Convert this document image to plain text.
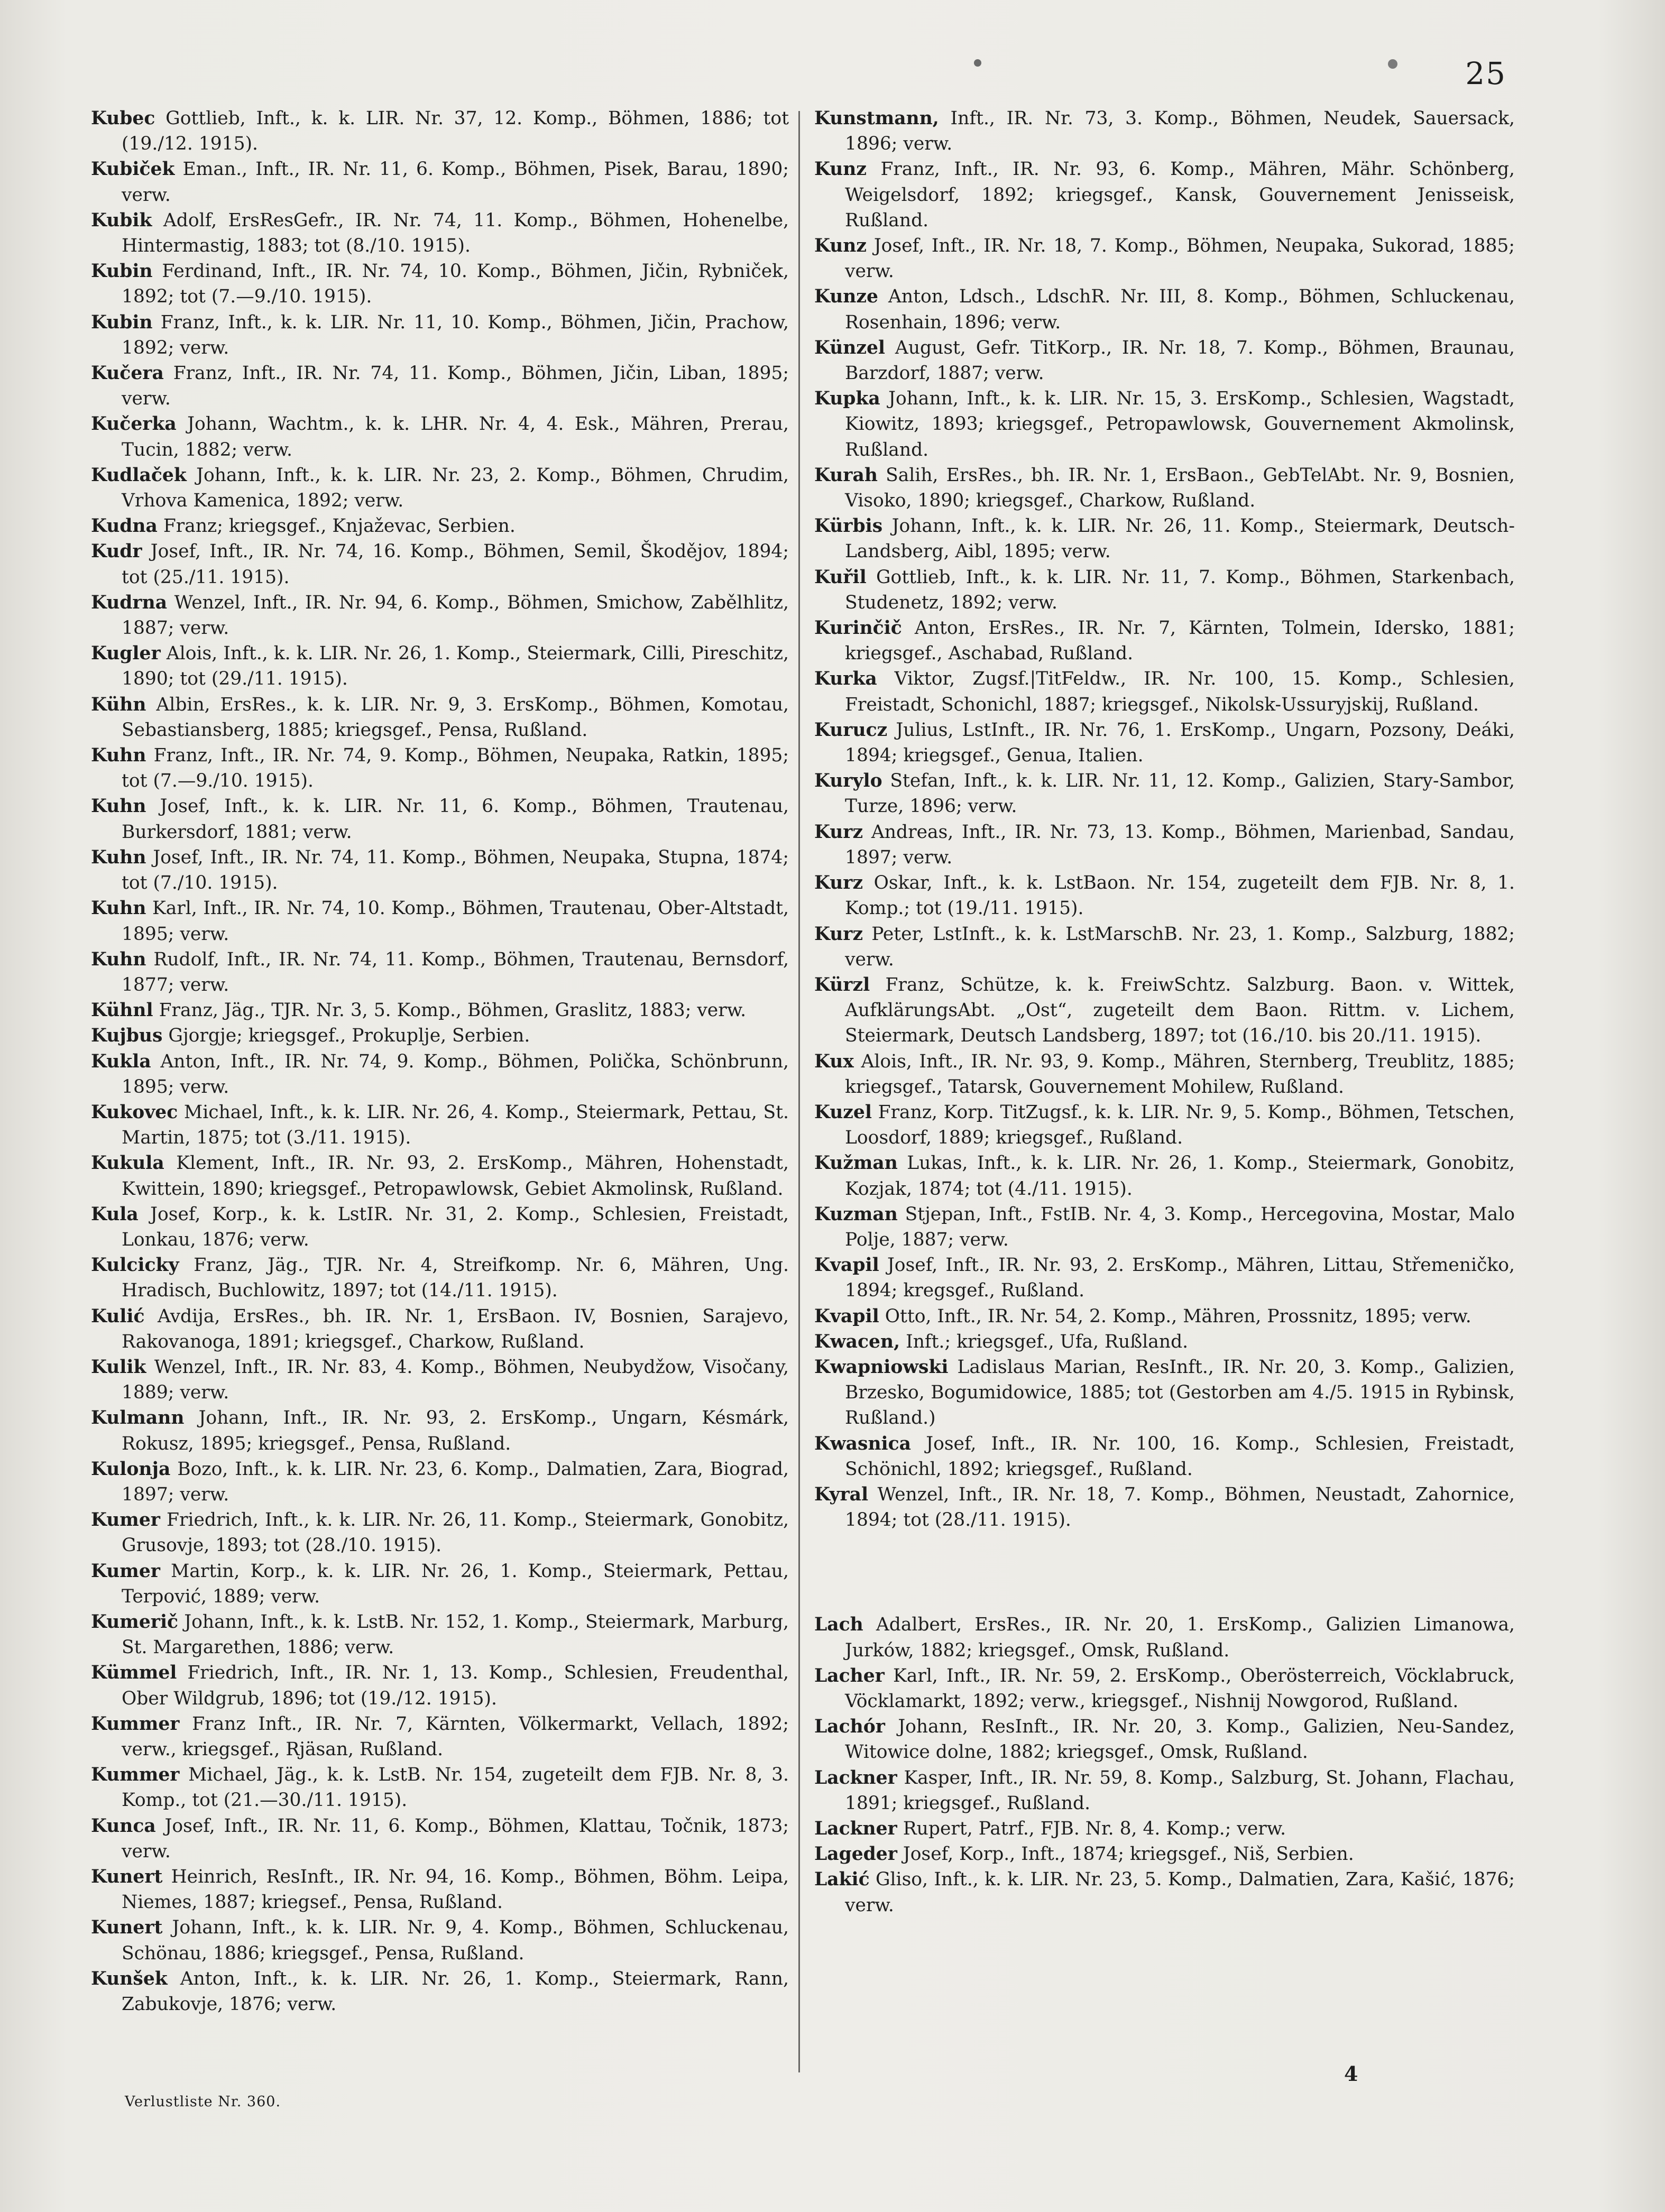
25

Kubec Gottlieb, Inft., k. k. LIR. Nr. 37, 12. Komp., Böhmen, 1886; tot (19./12. 1915).

Kubiček Eman., Inft., IR. Nr. 11, 6. Komp., Böhmen, Pisek, Barau, 1890; verw.

Kubik Adolf, ErsResGefr., IR. Nr. 74, 11. Komp., Böhmen, Hohenelbe, Hintermastig, 1883; tot (8./10. 1915).

Kubin Ferdinand, Inft., IR. Nr. 74, 10. Komp., Böhmen, Jičin, Rybniček, 1892; tot (7.—9./10. 1915).

Kubin Franz, Inft., k. k. LIR. Nr. 11, 10. Komp., Böhmen, Jičin, Prachow, 1892; verw.

Kučera Franz, Inft., IR. Nr. 74, 11. Komp., Böhmen, Jičin, Liban, 1895; verw.

Kučerka Johann, Wachtm., k. k. LHR. Nr. 4, 4. Esk., Mähren, Prerau, Tucin, 1882; verw.

Kudlaček Johann, Inft., k. k. LIR. Nr. 23, 2. Komp., Böhmen, Chrudim, Vrhova Kamenica, 1892; verw.

Kudna Franz; kriegsgef., Knjaževac, Serbien.

Kudr Josef, Inft., IR. Nr. 74, 16. Komp., Böhmen, Semil, Škodějov, 1894; tot (25./11. 1915).

Kudrna Wenzel, Inft., IR. Nr. 94, 6. Komp., Böhmen, Smichow, Zabělhlitz, 1887; verw.

Kugler Alois, Inft., k. k. LIR. Nr. 26, 1. Komp., Steiermark, Cilli, Pireschitz, 1890; tot (29./11. 1915).

Kühn Albin, ErsRes., k. k. LIR. Nr. 9, 3. ErsKomp., Böhmen, Komotau, Sebastiansberg, 1885; kriegsgef., Pensa, Rußland.

Kuhn Franz, Inft., IR. Nr. 74, 9. Komp., Böhmen, Neupaka, Ratkin, 1895; tot (7.—9./10. 1915).

Kuhn Josef, Inft., k. k. LIR. Nr. 11, 6. Komp., Böhmen, Trautenau, Burkersdorf, 1881; verw.

Kuhn Josef, Inft., IR. Nr. 74, 11. Komp., Böhmen, Neupaka, Stupna, 1874; tot (7./10. 1915).

Kuhn Karl, Inft., IR. Nr. 74, 10. Komp., Böhmen, Trautenau, Ober-Altstadt, 1895; verw.

Kuhn Rudolf, Inft., IR. Nr. 74, 11. Komp., Böhmen, Trautenau, Bernsdorf, 1877; verw.

Kühnl Franz, Jäg., TJR. Nr. 3, 5. Komp., Böhmen, Graslitz, 1883; verw.

Kujbus Gjorgje; kriegsgef., Prokuplje, Serbien.

Kukla Anton, Inft., IR. Nr. 74, 9. Komp., Böhmen, Polička, Schönbrunn, 1895; verw.

Kukovec Michael, Inft., k. k. LIR. Nr. 26, 4. Komp., Steiermark, Pettau, St. Martin, 1875; tot (3./11. 1915).

Kukula Klement, Inft., IR. Nr. 93, 2. ErsKomp., Mähren, Hohenstadt, Kwittein, 1890; kriegsgef., Petropawlowsk, Gebiet Akmolinsk, Rußland.

Kula Josef, Korp., k. k. LstIR. Nr. 31, 2. Komp., Schlesien, Freistadt, Lonkau, 1876; verw.

Kulcicky Franz, Jäg., TJR. Nr. 4, Streifkomp. Nr. 6, Mähren, Ung. Hradisch, Buchlowitz, 1897; tot (14./11. 1915).

Kulić Avdija, ErsRes., bh. IR. Nr. 1, ErsBaon. IV, Bosnien, Sarajevo, Rakovanoga, 1891; kriegsgef., Charkow, Rußland.

Kulik Wenzel, Inft., IR. Nr. 83, 4. Komp., Böhmen, Neubydžow, Visočany, 1889; verw.

Kulmann Johann, Inft., IR. Nr. 93, 2. ErsKomp., Ungarn, Késmárk, Rokusz, 1895; kriegsgef., Pensa, Rußland.

Kulonja Bozo, Inft., k. k. LIR. Nr. 23, 6. Komp., Dalmatien, Zara, Biograd, 1897; verw.

Kumer Friedrich, Inft., k. k. LIR. Nr. 26, 11. Komp., Steiermark, Gonobitz, Grusovje, 1893; tot (28./10. 1915).

Kumer Martin, Korp., k. k. LIR. Nr. 26, 1. Komp., Steiermark, Pettau, Terpović, 1889; verw.

Kumerič Johann, Inft., k. k. LstB. Nr. 152, 1. Komp., Steiermark, Marburg, St. Margarethen, 1886; verw.

Kümmel Friedrich, Inft., IR. Nr. 1, 13. Komp., Schlesien, Freudenthal, Ober Wildgrub, 1896; tot (19./12. 1915).

Kummer Franz Inft., IR. Nr. 7, Kärnten, Völkermarkt, Vellach, 1892; verw., kriegsgef., Rjäsan, Rußland.

Kummer Michael, Jäg., k. k. LstB. Nr. 154, zugeteilt dem FJB. Nr. 8, 3. Komp., tot (21.—30./11. 1915).

Kunca Josef, Inft., IR. Nr. 11, 6. Komp., Böhmen, Klattau, Točnik, 1873; verw.

Kunert Heinrich, ResInft., IR. Nr. 94, 16. Komp., Böhmen, Böhm. Leipa, Niemes, 1887; kriegsef., Pensa, Rußland.

Kunert Johann, Inft., k. k. LIR. Nr. 9, 4. Komp., Böhmen, Schluckenau, Schönau, 1886; kriegsgef., Pensa, Rußland.

Kunšek Anton, Inft., k. k. LIR. Nr. 26, 1. Komp., Steiermark, Rann, Zabukovje, 1876; verw.

Kunstmann, Inft., IR. Nr. 73, 3. Komp., Böhmen, Neudek, Sauersack, 1896; verw.

Kunz Franz, Inft., IR. Nr. 93, 6. Komp., Mähren, Mähr. Schönberg, Weigelsdorf, 1892; kriegsgef., Kansk, Gouvernement Jenisseisk, Rußland.

Kunz Josef, Inft., IR. Nr. 18, 7. Komp., Böhmen, Neupaka, Sukorad, 1885; verw.

Kunze Anton, Ldsch., LdschR. Nr. III, 8. Komp., Böhmen, Schluckenau, Rosenhain, 1896; verw.

Künzel August, Gefr. TitKorp., IR. Nr. 18, 7. Komp., Böhmen, Braunau, Barzdorf, 1887; verw.

Kupka Johann, Inft., k. k. LIR. Nr. 15, 3. ErsKomp., Schlesien, Wagstadt, Kiowitz, 1893; kriegsgef., Petropawlowsk, Gouvernement Akmolinsk, Rußland.

Kurah Salih, ErsRes., bh. IR. Nr. 1, ErsBaon., GebTelAbt. Nr. 9, Bosnien, Visoko, 1890; kriegsgef., Charkow, Rußland.

Kürbis Johann, Inft., k. k. LIR. Nr. 26, 11. Komp., Steiermark, Deutsch-Landsberg, Aibl, 1895; verw.

Kuřil Gottlieb, Inft., k. k. LIR. Nr. 11, 7. Komp., Böhmen, Starkenbach, Studenetz, 1892; verw.

Kurinčič Anton, ErsRes., IR. Nr. 7, Kärnten, Tolmein, Idersko, 1881; kriegsgef., Aschabad, Rußland.

Kurka Viktor, Zugsf.|TitFeldw., IR. Nr. 100, 15. Komp., Schlesien, Freistadt, Schonichl, 1887; kriegsgef., Nikolsk-Ussuryjskij, Rußland.

Kurucz Julius, LstInft., IR. Nr. 76, 1. ErsKomp., Ungarn, Pozsony, Deáki, 1894; kriegsgef., Genua, Italien.

Kurylo Stefan, Inft., k. k. LIR. Nr. 11, 12. Komp., Galizien, Stary-Sambor, Turze, 1896; verw.

Kurz Andreas, Inft., IR. Nr. 73, 13. Komp., Böhmen, Marienbad, Sandau, 1897; verw.

Kurz Oskar, Inft., k. k. LstBaon. Nr. 154, zugeteilt dem FJB. Nr. 8, 1. Komp.; tot (19./11. 1915).

Kurz Peter, LstInft., k. k. LstMarschB. Nr. 23, 1. Komp., Salzburg, 1882; verw.

Kürzl Franz, Schütze, k. k. FreiwSchtz. Salzburg. Baon. v. Wittek, AufklärungsAbt. „Ost“, zugeteilt dem Baon. Rittm. v. Lichem, Steiermark, Deutsch Landsberg, 1897; tot (16./10. bis 20./11. 1915).

Kux Alois, Inft., IR. Nr. 93, 9. Komp., Mähren, Sternberg, Treublitz, 1885; kriegsgef., Tatarsk, Gouvernement Mohilew, Rußland.

Kuzel Franz, Korp. TitZugsf., k. k. LIR. Nr. 9, 5. Komp., Böhmen, Tetschen, Loosdorf, 1889; kriegsgef., Rußland.

Kužman Lukas, Inft., k. k. LIR. Nr. 26, 1. Komp., Steiermark, Gonobitz, Kozjak, 1874; tot (4./11. 1915).

Kuzman Stjepan, Inft., FstIB. Nr. 4, 3. Komp., Hercegovina, Mostar, Malo Polje, 1887; verw.

Kvapil Josef, Inft., IR. Nr. 93, 2. ErsKomp., Mähren, Littau, Střemeničko, 1894; kregsgef., Rußland.

Kvapil Otto, Inft., IR. Nr. 54, 2. Komp., Mähren, Prossnitz, 1895; verw.

Kwacen, Inft.; kriegsgef., Ufa, Rußland.

Kwapniowski Ladislaus Marian, ResInft., IR. Nr. 20, 3. Komp., Galizien, Brzesko, Bogumidowice, 1885; tot (Gestorben am 4./5. 1915 in Rybinsk, Rußland.)

Kwasnica Josef, Inft., IR. Nr. 100, 16. Komp., Schlesien, Freistadt, Schönichl, 1892; kriegsgef., Rußland.

Kyral Wenzel, Inft., IR. Nr. 18, 7. Komp., Böhmen, Neustadt, Zahornice, 1894; tot (28./11. 1915).

Lach Adalbert, ErsRes., IR. Nr. 20, 1. ErsKomp., Galizien Limanowa, Jurków, 1882; kriegsgef., Omsk, Rußland.

Lacher Karl, Inft., IR. Nr. 59, 2. ErsKomp., Oberösterreich, Vöcklabruck, Vöcklamarkt, 1892; verw., kriegsgef., Nishnij Nowgorod, Rußland.

Lachór Johann, ResInft., IR. Nr. 20, 3. Komp., Galizien, Neu-Sandez, Witowice dolne, 1882; kriegsgef., Omsk, Rußland.

Lackner Kasper, Inft., IR. Nr. 59, 8. Komp., Salzburg, St. Johann, Flachau, 1891; kriegsgef., Rußland.

Lackner Rupert, Patrf., FJB. Nr. 8, 4. Komp.; verw.

Lageder Josef, Korp., Inft., 1874; kriegsgef., Niš, Serbien.

Lakić Gliso, Inft., k. k. LIR. Nr. 23, 5. Komp., Dalmatien, Zara, Kašić, 1876; verw.

Verlustliste Nr. 360.
4
